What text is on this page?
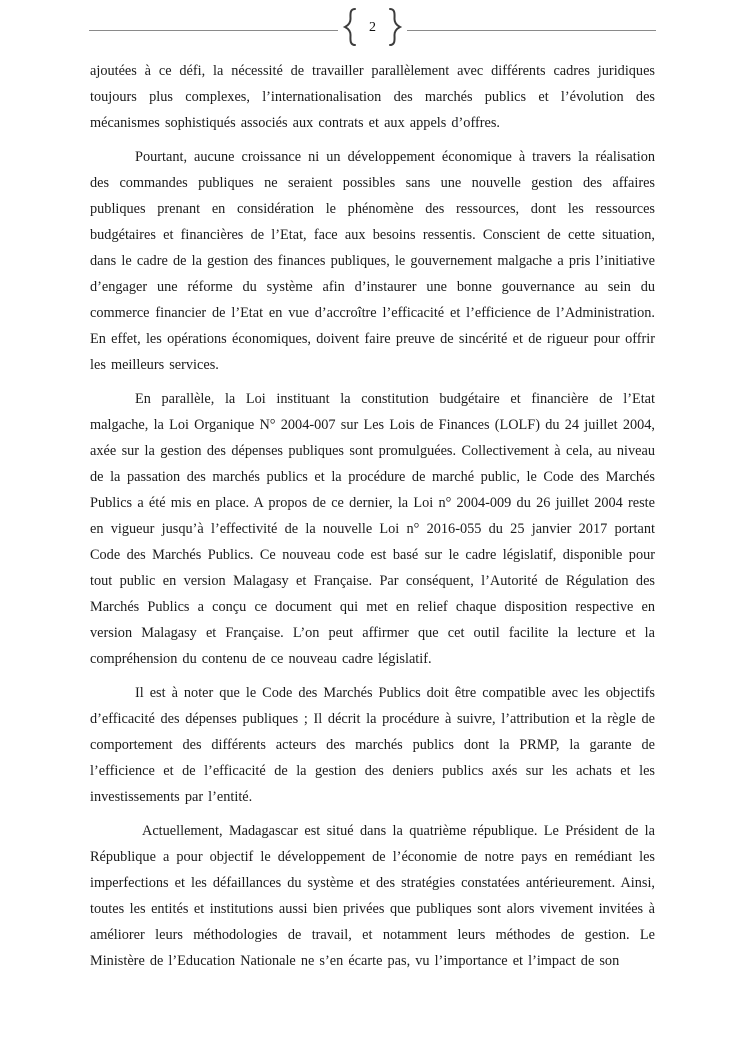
2

ajoutées à ce défi, la nécessité de travailler parallèlement avec différents cadres juridiques toujours plus complexes, l’internationalisation des marchés publics et l’évolution des mécanismes sophistiqués associés aux contrats et aux appels d’offres.

Pourtant, aucune croissance ni un développement économique à travers la réalisation des commandes publiques ne seraient possibles sans une nouvelle gestion des affaires publiques prenant en considération le phénomène des ressources, dont les ressources budgétaires et financières de l’Etat, face aux besoins ressentis. Conscient de cette situation, dans le cadre de la gestion des finances publiques, le gouvernement malgache a pris l’initiative d’engager une réforme du système afin d’instaurer une bonne gouvernance au sein du commerce financier de l’Etat en vue d’accroître l’efficacité et l’efficience de l’Administration. En effet, les opérations économiques, doivent faire preuve de sincérité et de rigueur pour offrir les meilleurs services.

En parallèle, la Loi instituant la constitution budgétaire et financière de l’Etat malgache, la Loi Organique N° 2004-007 sur Les Lois de Finances (LOLF) du 24 juillet 2004, axée sur la gestion des dépenses publiques sont promulguées. Collectivement à cela, au niveau de la passation des marchés publics et la procédure de marché public, le Code des Marchés Publics a été mis en place. A propos de ce dernier, la Loi n° 2004-009 du 26 juillet 2004 reste en vigueur jusqu’à l’effectivité de la nouvelle Loi n° 2016-055 du 25 janvier 2017 portant Code des Marchés Publics. Ce nouveau code est basé sur le cadre législatif, disponible pour tout public en version Malagasy et Française. Par conséquent, l’Autorité de Régulation des Marchés Publics a conçu ce document qui met en relief chaque disposition respective en version Malagasy et Française. L’on peut affirmer que cet outil facilite la lecture et la compréhension du contenu de ce nouveau cadre législatif.

Il est à noter que le Code des Marchés Publics doit être compatible avec les objectifs d’efficacité des dépenses publiques ; Il décrit la procédure à suivre, l’attribution et la règle de comportement des différents acteurs des marchés publics dont la PRMP, la garante de l’efficience et de l’efficacité de la gestion des deniers publics axés sur les achats et les investissements par l’entité.

Actuellement, Madagascar est situé dans la quatrième république. Le Président de la République a pour objectif le développement de l’économie de notre pays en remédiant les imperfections et les défaillances du système et des stratégies constatées antérieurement. Ainsi, toutes les entités et institutions aussi bien privées que publiques sont alors vivement invitées à améliorer leurs méthodologies de travail, et notamment leurs méthodes de gestion. Le Ministère de l’Education Nationale ne s’en écarte pas, vu l’importance et l’impact de son
